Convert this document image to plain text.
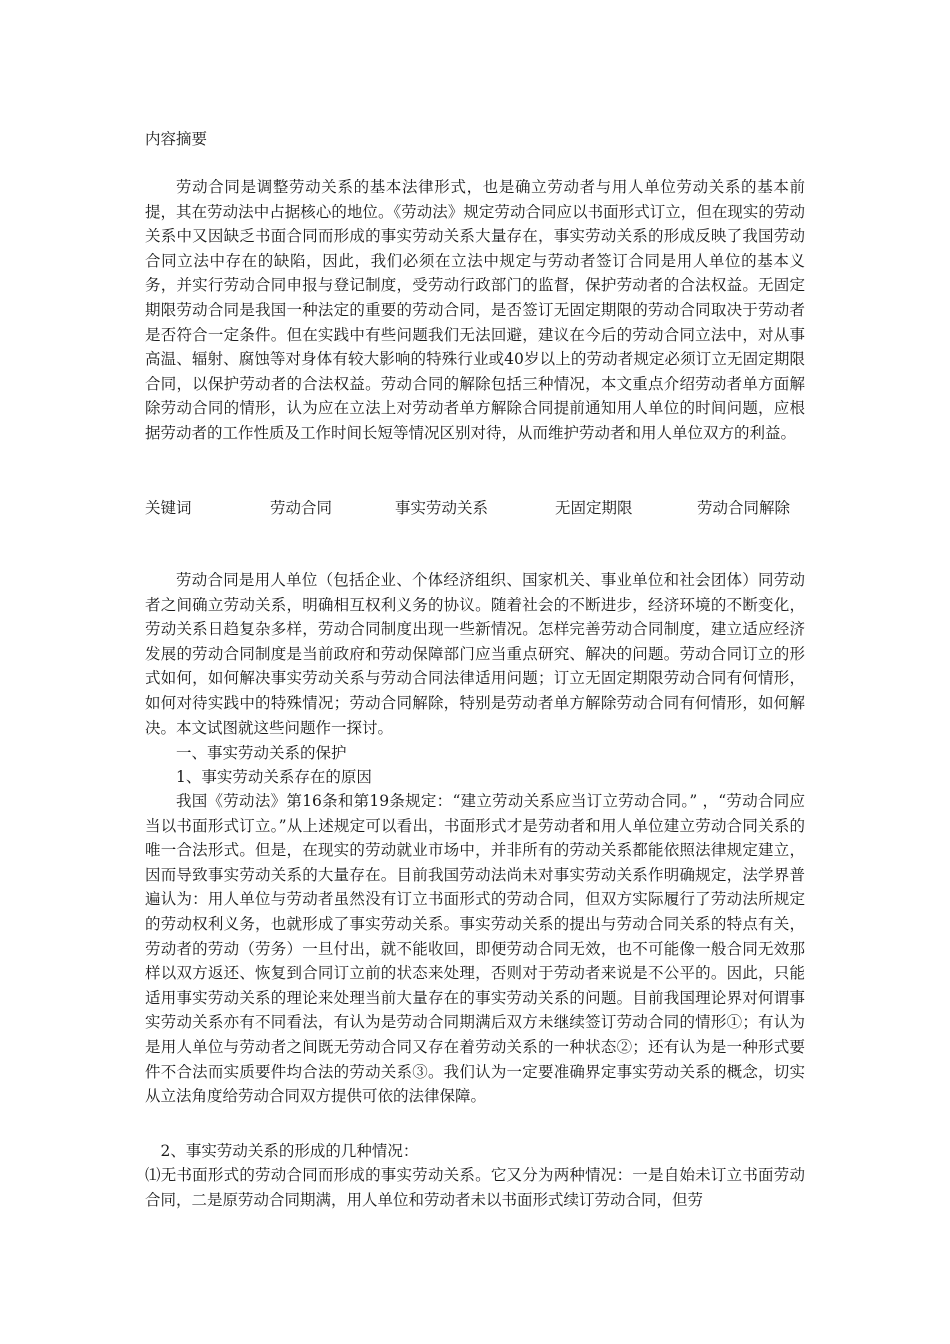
内容摘要

劳动合同是调整劳动关系的基本法律形式，也是确立劳动者与用人单位劳动关系的基本前提，其在劳动法中占据核心的地位。《劳动法》规定劳动合同应以书面形式订立，但在现实的劳动关系中又因缺乏书面合同而形成的事实劳动关系大量存在，事实劳动关系的形成反映了我国劳动合同立法中存在的缺陷，因此，我们必须在立法中规定与劳动者签订合同是用人单位的基本义务，并实行劳动合同申报与登记制度，受劳动行政部门的监督，保护劳动者的合法权益。无固定期限劳动合同是我国一种法定的重要的劳动合同，是否签订无固定期限的劳动合同取决于劳动者是否符合一定条件。但在实践中有些问题我们无法回避，建议在今后的劳动合同立法中，对从事高温、辐射、腐蚀等对身体有较大影响的特殊行业或40岁以上的劳动者规定必须订立无固定期限合同，以保护劳动者的合法权益。劳动合同的解除包括三种情况，本文重点介绍劳动者单方面解除劳动合同的情形，认为应在立法上对劳动者单方解除合同提前通知用人单位的时间问题，应根据劳动者的工作性质及工作时间长短等情况区别对待，从而维护劳动者和用人单位双方的利益。

关键词	劳动合同	事实劳动关系	无固定期限	劳动合同解除

劳动合同是用人单位（包括企业、个体经济组织、国家机关、事业单位和社会团体）同劳动者之间确立劳动关系，明确相互权利义务的协议。随着社会的不断进步，经济环境的不断变化，劳动关系日趋复杂多样，劳动合同制度出现一些新情况。怎样完善劳动合同制度，建立适应经济发展的劳动合同制度是当前政府和劳动保障部门应当重点研究、解决的问题。劳动合同订立的形式如何，如何解决事实劳动关系与劳动合同法律适用问题；订立无固定期限劳动合同有何情形，如何对待实践中的特殊情况；劳动合同解除，特别是劳动者单方解除劳动合同有何情形，如何解决。本文试图就这些问题作一探讨。

一、事实劳动关系的保护
1、事实劳动关系存在的原因

我国《劳动法》第16条和第19条规定：“建立劳动关系应当订立劳动合同。” ，“劳动合同应当以书面形式订立。”从上述规定可以看出，书面形式才是劳动者和用人单位建立劳动合同关系的唯一合法形式。但是，在现实的劳动就业市场中，并非所有的劳动关系都能依照法律规定建立，因而导致事实劳动关系的大量存在。目前我国劳动法尚未对事实劳动关系作明确规定，法学界普遍认为：用人单位与劳动者虽然没有订立书面形式的劳动合同，但双方实际履行了劳动法所规定的劳动权利义务，也就形成了事实劳动关系。事实劳动关系的提出与劳动合同关系的特点有关，劳动者的劳动（劳务）一旦付出，就不能收回，即便劳动合同无效，也不可能像一般合同无效那样以双方返还、恢复到合同订立前的状态来处理，否则对于劳动者来说是不公平的。因此，只能适用事实劳动关系的理论来处理当前大量存在的事实劳动关系的问题。目前我国理论界对何谓事实劳动关系亦有不同看法，有认为是劳动合同期满后双方未继续签订劳动合同的情形①；有认为是用人单位与劳动者之间既无劳动合同又存在着劳动关系的一种状态②；还有认为是一种形式要件不合法而实质要件均合法的劳动关系③。我们认为一定要准确界定事实劳动关系的概念，切实从立法角度给劳动合同双方提供可依的法律保障。

2、事实劳动关系的形成的几种情况：

⑴无书面形式的劳动合同而形成的事实劳动关系。它又分为两种情况：一是自始未订立书面劳动合同，二是原劳动合同期满，用人单位和劳动者未以书面形式续订劳动合同，但劳
